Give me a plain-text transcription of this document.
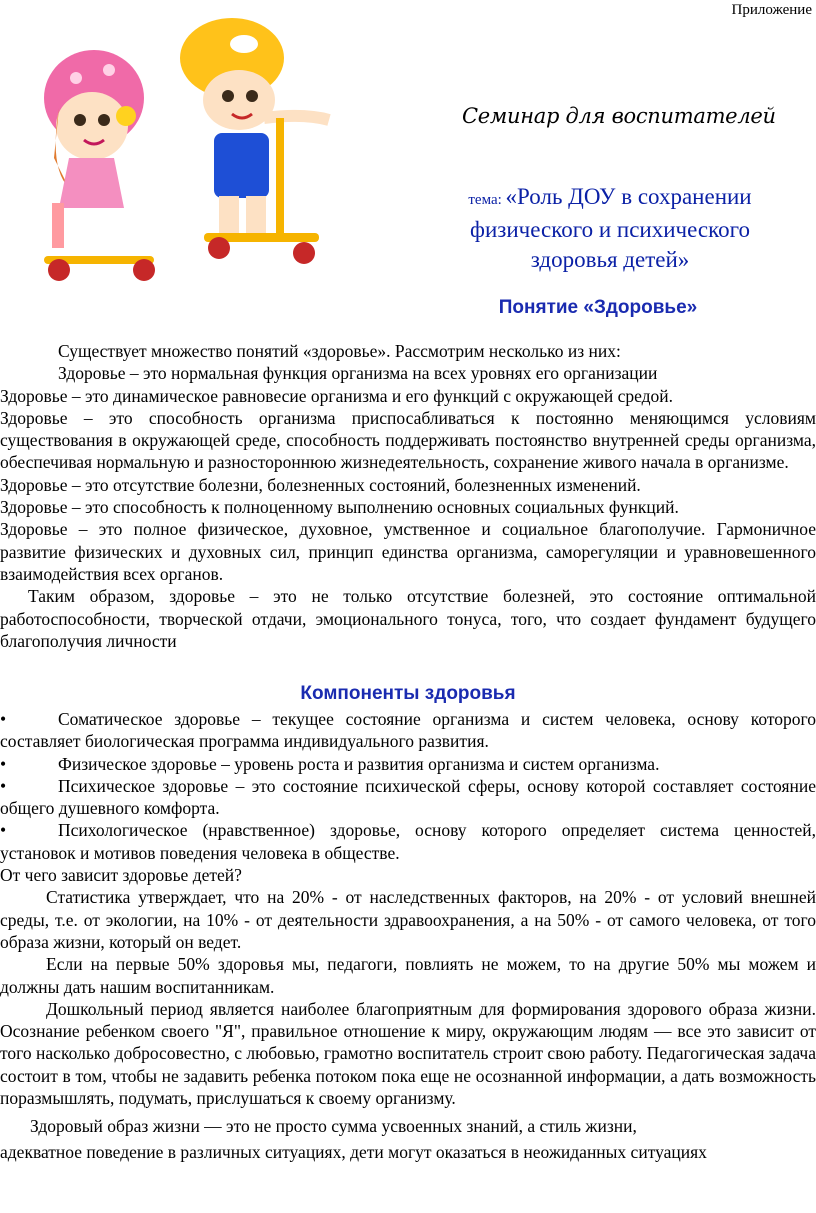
Приложение
Семинар для воспитателей
тема: «Роль ДОУ в сохранении
физического и психического
здоровья детей»
Понятие «Здоровье»

Существует множество понятий «здоровье». Рассмотрим несколько из них:

Здоровье – это нормальная функция организма на всех уровнях его организации

Здоровье – это динамическое равновесие организма и его функций с окружающей средой.

Здоровье – это способность организма приспосабливаться к постоянно меняющимся условиям существования в окружающей среде, способность поддерживать постоянство внутренней среды организма, обеспечивая нормальную и разностороннюю жизнедеятельность, сохранение живого начала в организме.

Здоровье – это отсутствие болезни, болезненных состояний, болезненных изменений.

Здоровье – это способность к полноценному выполнению основных социальных функций.

Здоровье – это полное физическое, духовное, умственное и социальное благополучие. Гармоничное развитие физических и духовных сил, принцип единства организма, саморегуляции и уравновешенного взаимодействия всех органов.

Таким образом, здоровье – это не только отсутствие болезней, это состояние оптимальной работоспособности, творческой отдачи, эмоционального тонуса, того, что создает фундамент будущего благополучия личности

Компоненты здоровья

•	Соматическое здоровье – текущее состояние организма и систем человека, основу которого составляет биологическая программа индивидуального развития.

•	Физическое здоровье – уровень роста и развития организма и систем организма.

•	Психическое здоровье – это состояние психической сферы, основу которой составляет состояние общего душевного комфорта.

•	Психологическое (нравственное) здоровье, основу которого определяет система ценностей, установок и мотивов поведения человека в обществе.

От чего зависит здоровье детей?

Статистика утверждает, что на 20% - от наследственных факторов, на 20% - от условий внешней среды, т.е. от экологии, на 10% - от деятельности здравоохранения, а на 50% - от самого человека, от того образа жизни, который он ведет.

Если на первые 50% здоровья мы, педагоги, повлиять не можем, то на другие 50% мы можем и должны дать нашим воспитанникам.

Дошкольный период является наиболее благоприятным для формирования здорового образа жизни. Осознание ребенком своего "Я", правильное отношение к миру, окружающим людям — все это зависит от того насколько добросовестно, с любовью, грамотно воспитатель строит свою работу. Педагогическая задача состоит в том, чтобы не задавить ребенка потоком пока еще не осознанной информации, а дать возможность поразмышлять, подумать, прислушаться к своему организму.

Здоровый образ жизни — это не просто сумма усвоенных знаний, а стиль жизни,

адекватное поведение в различных ситуациях, дети могут оказаться в неожиданных ситуациях
